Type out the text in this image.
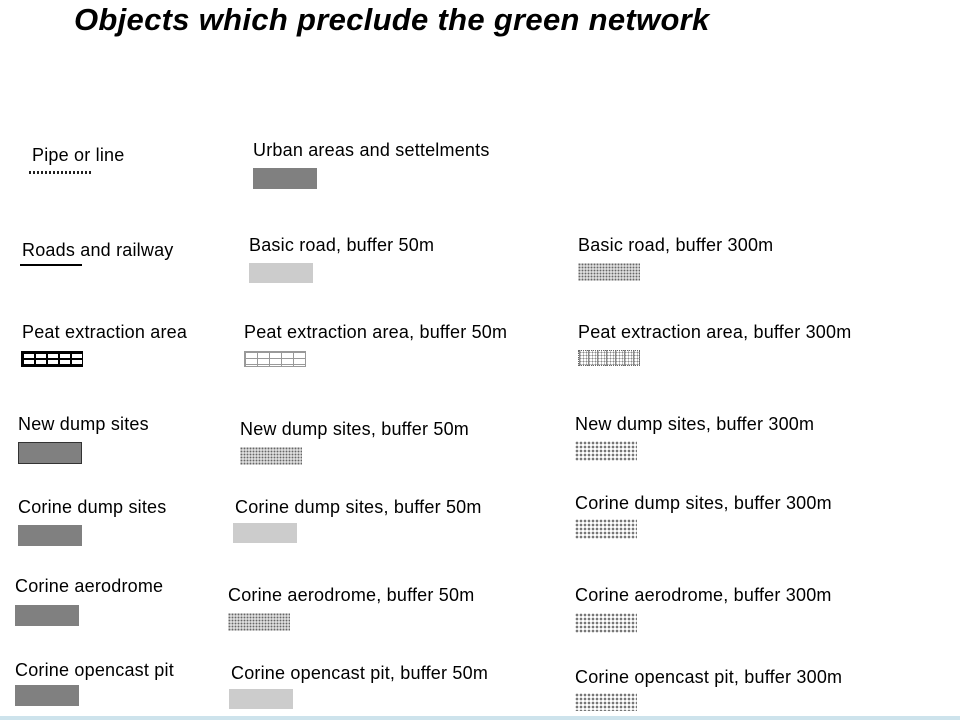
Objects which preclude the green network
Pipe or line	Urban areas and settelments
Roads and railway	Basic road, buffer 50m	Basic road, buffer 300m
Peat extraction area	Peat extraction area, buffer 50m	Peat extraction area, buffer 300m
New dump sites	New dump sites, buffer 50m	New dump sites, buffer 300m
Corine dump sites	Corine dump sites, buffer 50m	Corine dump sites, buffer 300m
Corine aerodrome	Corine aerodrome, buffer 50m	Corine aerodrome, buffer 300m
Corine opencast pit	Corine opencast pit, buffer 50m	Corine opencast pit, buffer 300m
